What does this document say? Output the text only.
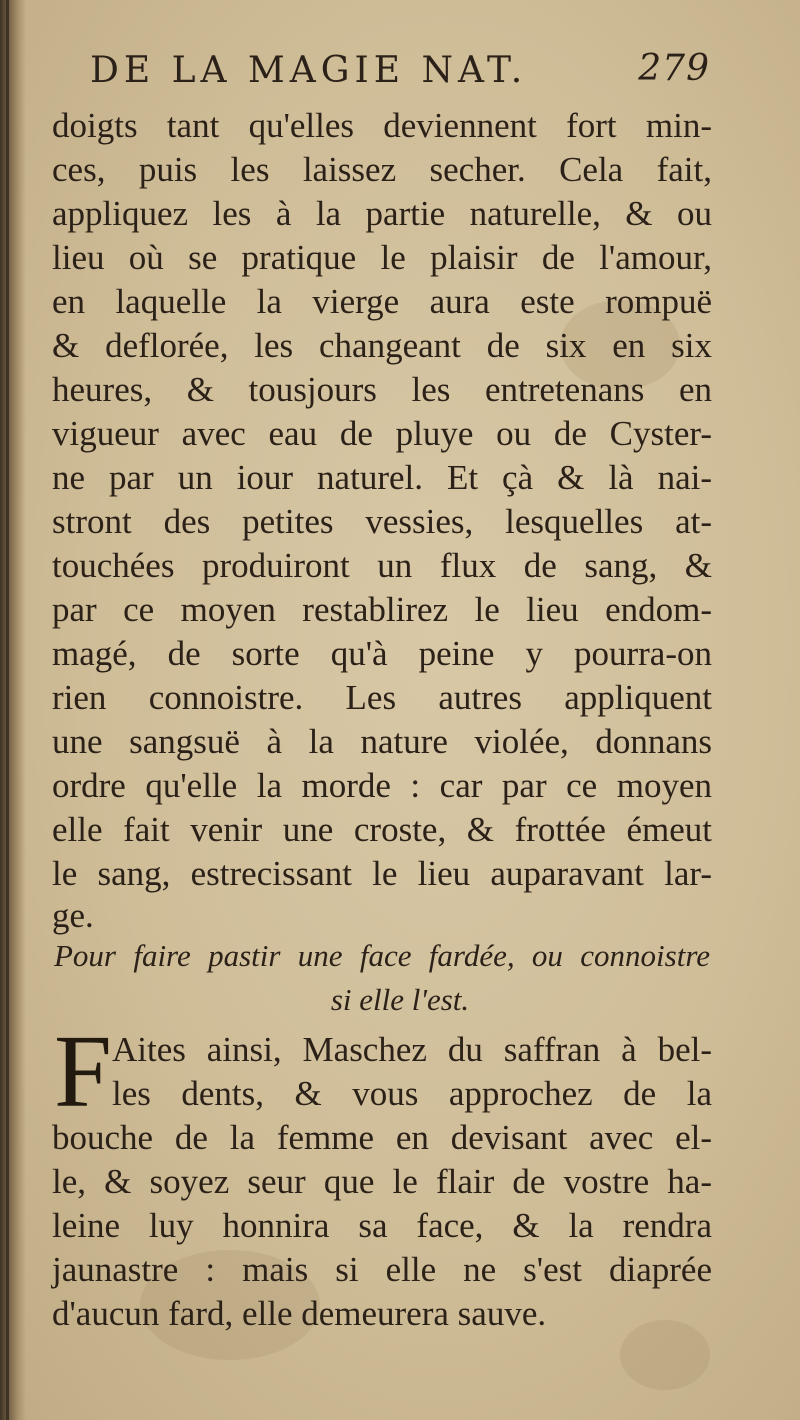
DE LA MAGIE NAT.	279
doigts tant qu'elles deviennent fort min-
ces, puis les laissez secher. Cela fait,
appliquez les à la partie naturelle, & ou
lieu où se pratique le plaisir de l'amour,
en laquelle la vierge aura este rompuë
& deflorée, les changeant de six en six
heures, & tousjours les entretenans en
vigueur avec eau de pluye ou de Cyster-
ne par un iour naturel. Et çà & là nai-
stront des petites vessies, lesquelles at-
touchées produiront un flux de sang, &
par ce moyen restablirez le lieu endom-
magé, de sorte qu'à peine y pourra-on
rien connoistre. Les autres appliquent
une sangsuë à la nature violée, donnans
ordre qu'elle la morde : car par ce moyen
elle fait venir une croste, & frottée émeut
le sang, estrecissant le lieu auparavant lar-
ge.
Pour faire pastir une face fardée, ou connoistre
si elle l'est.
F Aites ainsi, Maschez du saffran à bel-
les dents, & vous approchez de la
bouche de la femme en devisant avec el-
le, & soyez seur que le flair de vostre ha-
leine luy honnira sa face, & la rendra
jaunastre : mais si elle ne s'est diaprée
d'aucun fard, elle demeurera sauve.
